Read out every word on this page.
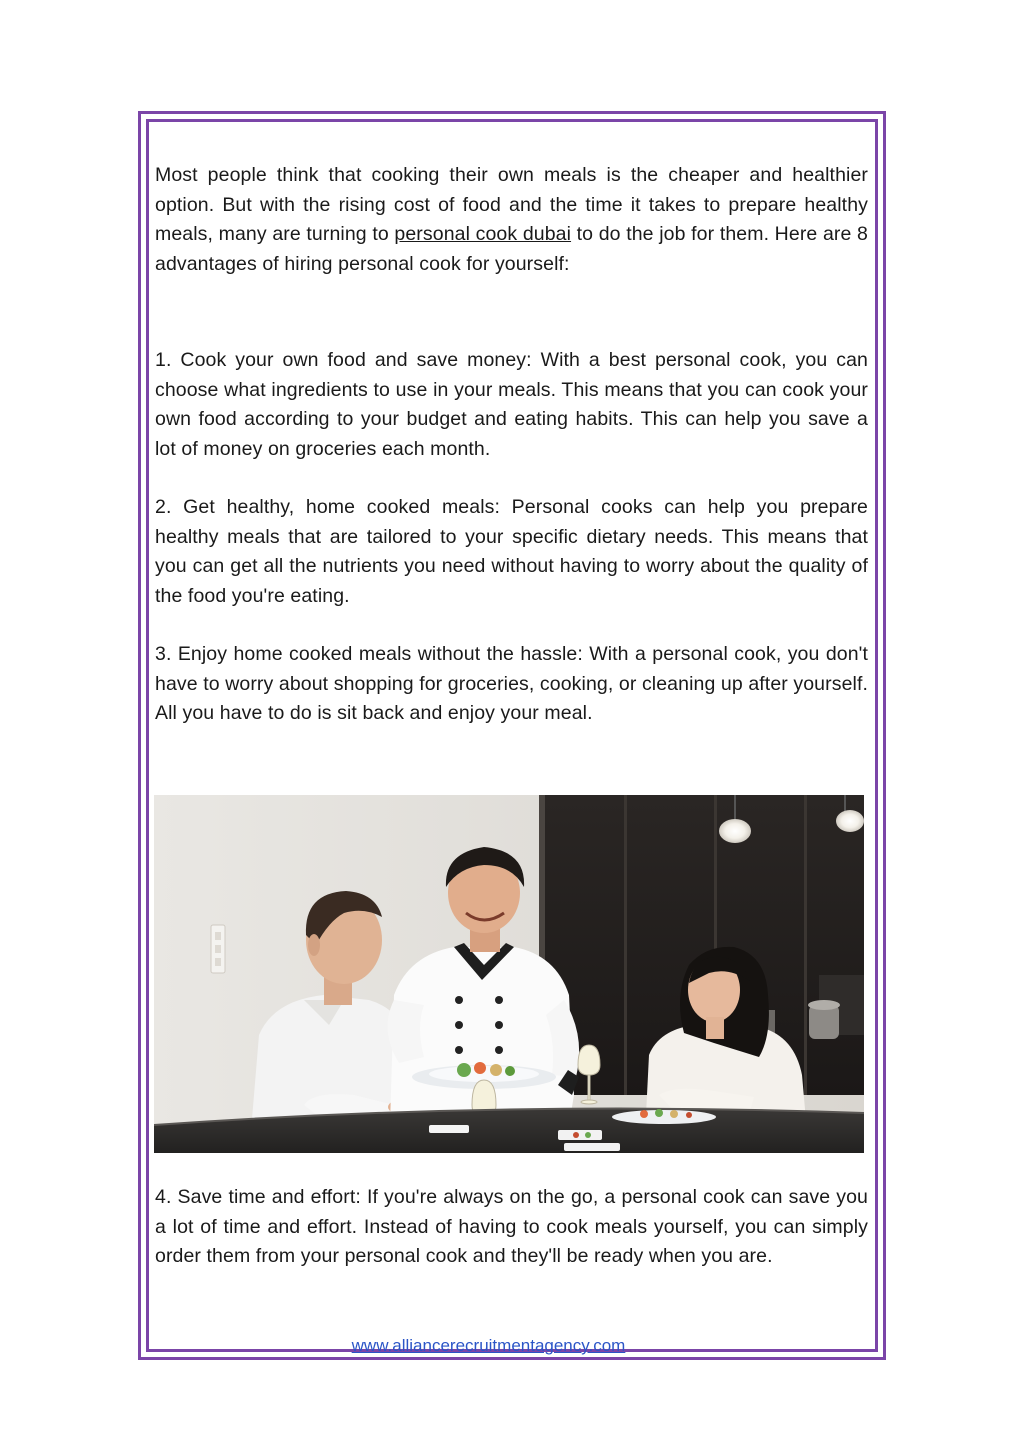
Most people think that cooking their own meals is the cheaper and healthier option. But with the rising cost of food and the time it takes to prepare healthy meals, many are turning to personal cook dubai to do the job for them. Here are 8 advantages of hiring personal cook for yourself:

1. Cook your own food and save money: With a best personal cook, you can choose what ingredients to use in your meals. This means that you can cook your own food according to your budget and eating habits. This can help you save a lot of money on groceries each month.

2. Get healthy, home cooked meals: Personal cooks can help you prepare healthy meals that are tailored to your specific dietary needs. This means that you can get all the nutrients you need without having to worry about the quality of the food you're eating.

3. Enjoy home cooked meals without the hassle: With a personal cook, you don't have to worry about shopping for groceries, cooking, or cleaning up after yourself. All you have to do is sit back and enjoy your meal.

4. Save time and effort: If you're always on the go, a personal cook can save you a lot of time and effort. Instead of having to cook meals yourself, you can simply order them from your personal cook and they'll be ready when you are.

www.alliancerecruitmentagency.com
